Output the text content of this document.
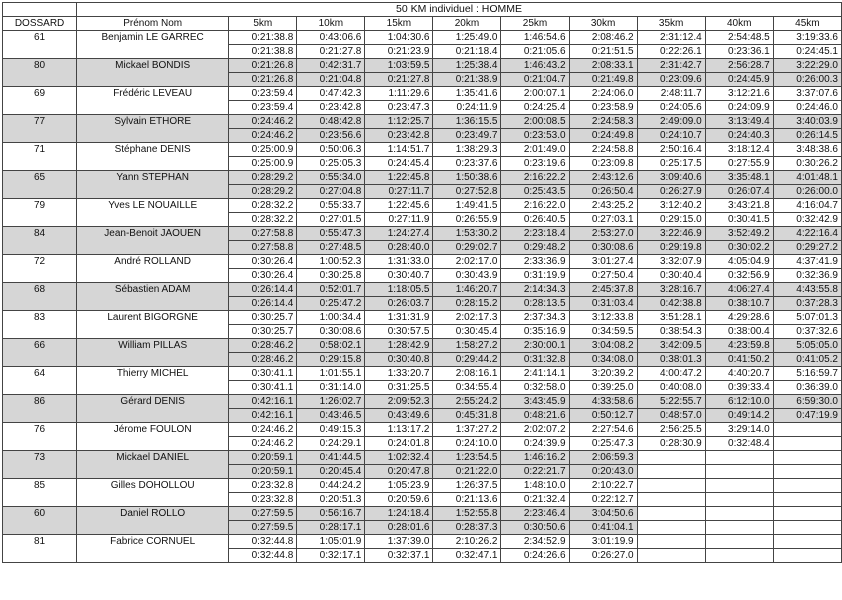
	50 KM individuel : HOMME									
DOSSARD	Prénom Nom	5km	10km	15km	20km	25km	30km	35km	40km	45km
61	Benjamin LE GARREC	0:21:38.8	0:43:06.6	1:04:30.6	1:25:49.0	1:46:54.6	2:08:46.2	2:31:12.4	2:54:48.5	3:19:33.6
		0:21:38.8	0:21:27.8	0:21:23.9	0:21:18.4	0:21:05.6	0:21:51.5	0:22:26.1	0:23:36.1	0:24:45.1
80	Mickael BONDIS	0:21:26.8	0:42:31.7	1:03:59.5	1:25:38.4	1:46:43.2	2:08:33.1	2:31:42.7	2:56:28.7	3:22:29.0
		0:21:26.8	0:21:04.8	0:21:27.8	0:21:38.9	0:21:04.7	0:21:49.8	0:23:09.6	0:24:45.9	0:26:00.3
69	Frédéric LEVEAU	0:23:59.4	0:47:42.3	1:11:29.6	1:35:41.6	2:00:07.1	2:24:06.0	2:48:11.7	3:12:21.6	3:37:07.6
		0:23:59.4	0:23:42.8	0:23:47.3	0:24:11.9	0:24:25.4	0:23:58.9	0:24:05.6	0:24:09.9	0:24:46.0
77	Sylvain ETHORE	0:24:46.2	0:48:42.8	1:12:25.7	1:36:15.5	2:00:08.5	2:24:58.3	2:49:09.0	3:13:49.4	3:40:03.9
		0:24:46.2	0:23:56.6	0:23:42.8	0:23:49.7	0:23:53.0	0:24:49.8	0:24:10.7	0:24:40.3	0:26:14.5
71	Stéphane DENIS	0:25:00.9	0:50:06.3	1:14:51.7	1:38:29.3	2:01:49.0	2:24:58.8	2:50:16.4	3:18:12.4	3:48:38.6
		0:25:00.9	0:25:05.3	0:24:45.4	0:23:37.6	0:23:19.6	0:23:09.8	0:25:17.5	0:27:55.9	0:30:26.2
65	Yann STEPHAN	0:28:29.2	0:55:34.0	1:22:45.8	1:50:38.6	2:16:22.2	2:43:12.6	3:09:40.6	3:35:48.1	4:01:48.1
		0:28:29.2	0:27:04.8	0:27:11.7	0:27:52.8	0:25:43.5	0:26:50.4	0:26:27.9	0:26:07.4	0:26:00.0
79	Yves LE NOUAILLE	0:28:32.2	0:55:33.7	1:22:45.6	1:49:41.5	2:16:22.0	2:43:25.2	3:12:40.2	3:43:21.8	4:16:04.7
		0:28:32.2	0:27:01.5	0:27:11.9	0:26:55.9	0:26:40.5	0:27:03.1	0:29:15.0	0:30:41.5	0:32:42.9
84	Jean-Benoit JAOUEN	0:27:58.8	0:55:47.3	1:24:27.4	1:53:30.2	2:23:18.4	2:53:27.0	3:22:46.9	3:52:49.2	4:22:16.4
		0:27:58.8	0:27:48.5	0:28:40.0	0:29:02.7	0:29:48.2	0:30:08.6	0:29:19.8	0:30:02.2	0:29:27.2
72	André ROLLAND	0:30:26.4	1:00:52.3	1:31:33.0	2:02:17.0	2:33:36.9	3:01:27.4	3:32:07.9	4:05:04.9	4:37:41.9
		0:30:26.4	0:30:25.8	0:30:40.7	0:30:43.9	0:31:19.9	0:27:50.4	0:30:40.4	0:32:56.9	0:32:36.9
68	Sébastien ADAM	0:26:14.4	0:52:01.7	1:18:05.5	1:46:20.7	2:14:34.3	2:45:37.8	3:28:16.7	4:06:27.4	4:43:55.8
		0:26:14.4	0:25:47.2	0:26:03.7	0:28:15.2	0:28:13.5	0:31:03.4	0:42:38.8	0:38:10.7	0:37:28.3
83	Laurent BIGORGNE	0:30:25.7	1:00:34.4	1:31:31.9	2:02:17.3	2:37:34.3	3:12:33.8	3:51:28.1	4:29:28.6	5:07:01.3
		0:30:25.7	0:30:08.6	0:30:57.5	0:30:45.4	0:35:16.9	0:34:59.5	0:38:54.3	0:38:00.4	0:37:32.6
66	William PILLAS	0:28:46.2	0:58:02.1	1:28:42.9	1:58:27.2	2:30:00.1	3:04:08.2	3:42:09.5	4:23:59.8	5:05:05.0
		0:28:46.2	0:29:15.8	0:30:40.8	0:29:44.2	0:31:32.8	0:34:08.0	0:38:01.3	0:41:50.2	0:41:05.2
64	Thierry MICHEL	0:30:41.1	1:01:55.1	1:33:20.7	2:08:16.1	2:41:14.1	3:20:39.2	4:00:47.2	4:40:20.7	5:16:59.7
		0:30:41.1	0:31:14.0	0:31:25.5	0:34:55.4	0:32:58.0	0:39:25.0	0:40:08.0	0:39:33.4	0:36:39.0
86	Gérard DENIS	0:42:16.1	1:26:02.7	2:09:52.3	2:55:24.2	3:43:45.9	4:33:58.6	5:22:55.7	6:12:10.0	6:59:30.0
		0:42:16.1	0:43:46.5	0:43:49.6	0:45:31.8	0:48:21.6	0:50:12.7	0:48:57.0	0:49:14.2	0:47:19.9
76	Jérome FOULON	0:24:46.2	0:49:15.3	1:13:17.2	1:37:27.2	2:02:07.2	2:27:54.6	2:56:25.5	3:29:14.0	
		0:24:46.2	0:24:29.1	0:24:01.8	0:24:10.0	0:24:39.9	0:25:47.3	0:28:30.9	0:32:48.4	
73	Mickael DANIEL	0:20:59.1	0:41:44.5	1:02:32.4	1:23:54.5	1:46:16.2	2:06:59.3			
		0:20:59.1	0:20:45.4	0:20:47.8	0:21:22.0	0:22:21.7	0:20:43.0			
85	Gilles DOHOLLOU	0:23:32.8	0:44:24.2	1:05:23.9	1:26:37.5	1:48:10.0	2:10:22.7			
		0:23:32.8	0:20:51.3	0:20:59.6	0:21:13.6	0:21:32.4	0:22:12.7			
60	Daniel ROLLO	0:27:59.5	0:56:16.7	1:24:18.4	1:52:55.8	2:23:46.4	3:04:50.6			
		0:27:59.5	0:28:17.1	0:28:01.6	0:28:37.3	0:30:50.6	0:41:04.1			
81	Fabrice CORNUEL	0:32:44.8	1:05:01.9	1:37:39.0	2:10:26.2	2:34:52.9	3:01:19.9			
		0:32:44.8	0:32:17.1	0:32:37.1	0:32:47.1	0:24:26.6	0:26:27.0			
